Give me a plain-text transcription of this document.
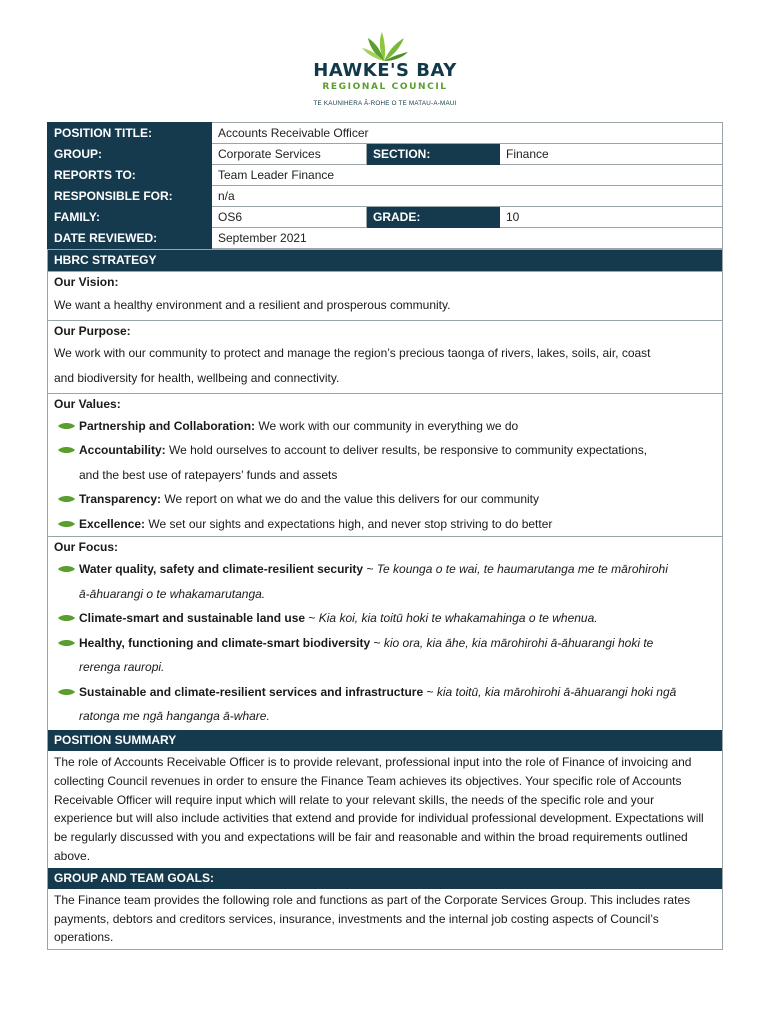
HAWKE'S BAY
REGIONAL COUNCIL
TE KAUNIHERA Ā-ROHE O TE MATAU-A-MAUI
POSITION TITLE:	Accounts Receivable Officer		
GROUP:	Corporate Services	SECTION:	Finance
REPORTS TO:	Team Leader Finance		
RESPONSIBLE FOR:	n/a		
FAMILY:	OS6	GRADE:	10
DATE REVIEWED:	September 2021		
HBRC STRATEGY
Our Vision:
We want a healthy environment and a resilient and prosperous community.
Our Purpose:
We work with our community to protect and manage the region’s precious taonga of rivers, lakes, soils, air, coast
and biodiversity for health, wellbeing and connectivity.
Our Values:
Partnership and Collaboration: We work with our community in everything we do
Accountability: We hold ourselves to account to deliver results, be responsive to community expectations,
and the best use of ratepayers’ funds and assets
Transparency: We report on what we do and the value this delivers for our community
Excellence: We set our sights and expectations high, and never stop striving to do better
Our Focus:
Water quality, safety and climate-resilient security ~ Te kounga o te wai, te haumarutanga me te mārohirohi
ā-āhuarangi o te whakamarutanga.
Climate-smart and sustainable land use ~ Kia koi, kia toitū hoki te whakamahinga o te whenua.
Healthy, functioning and climate-smart biodiversity ~ kio ora, kia āhe, kia mārohirohi ā-āhuarangi hoki te
rerenga rauropi.
Sustainable and climate-resilient services and infrastructure ~ kia toitū, kia mārohirohi ā-āhuarangi hoki ngā
ratonga me ngā hanganga ā-whare.
POSITION SUMMARY
The role of Accounts Receivable Officer is to provide relevant, professional input into the role of Finance of invoicing and collecting Council revenues in order to ensure the Finance Team achieves its objectives. Your specific role of Accounts Receivable Officer will require input which will relate to your relevant skills, the needs of the specific role and your experience but will also include activities that extend and provide for individual professional development. Expectations will be regularly discussed with you and expectations will be fair and reasonable and within the broad requirements outlined above.
GROUP AND TEAM GOALS:
The Finance team provides the following role and functions as part of the Corporate Services Group. This includes rates payments, debtors and creditors services, insurance, investments and the internal job costing aspects of Council’s operations.
